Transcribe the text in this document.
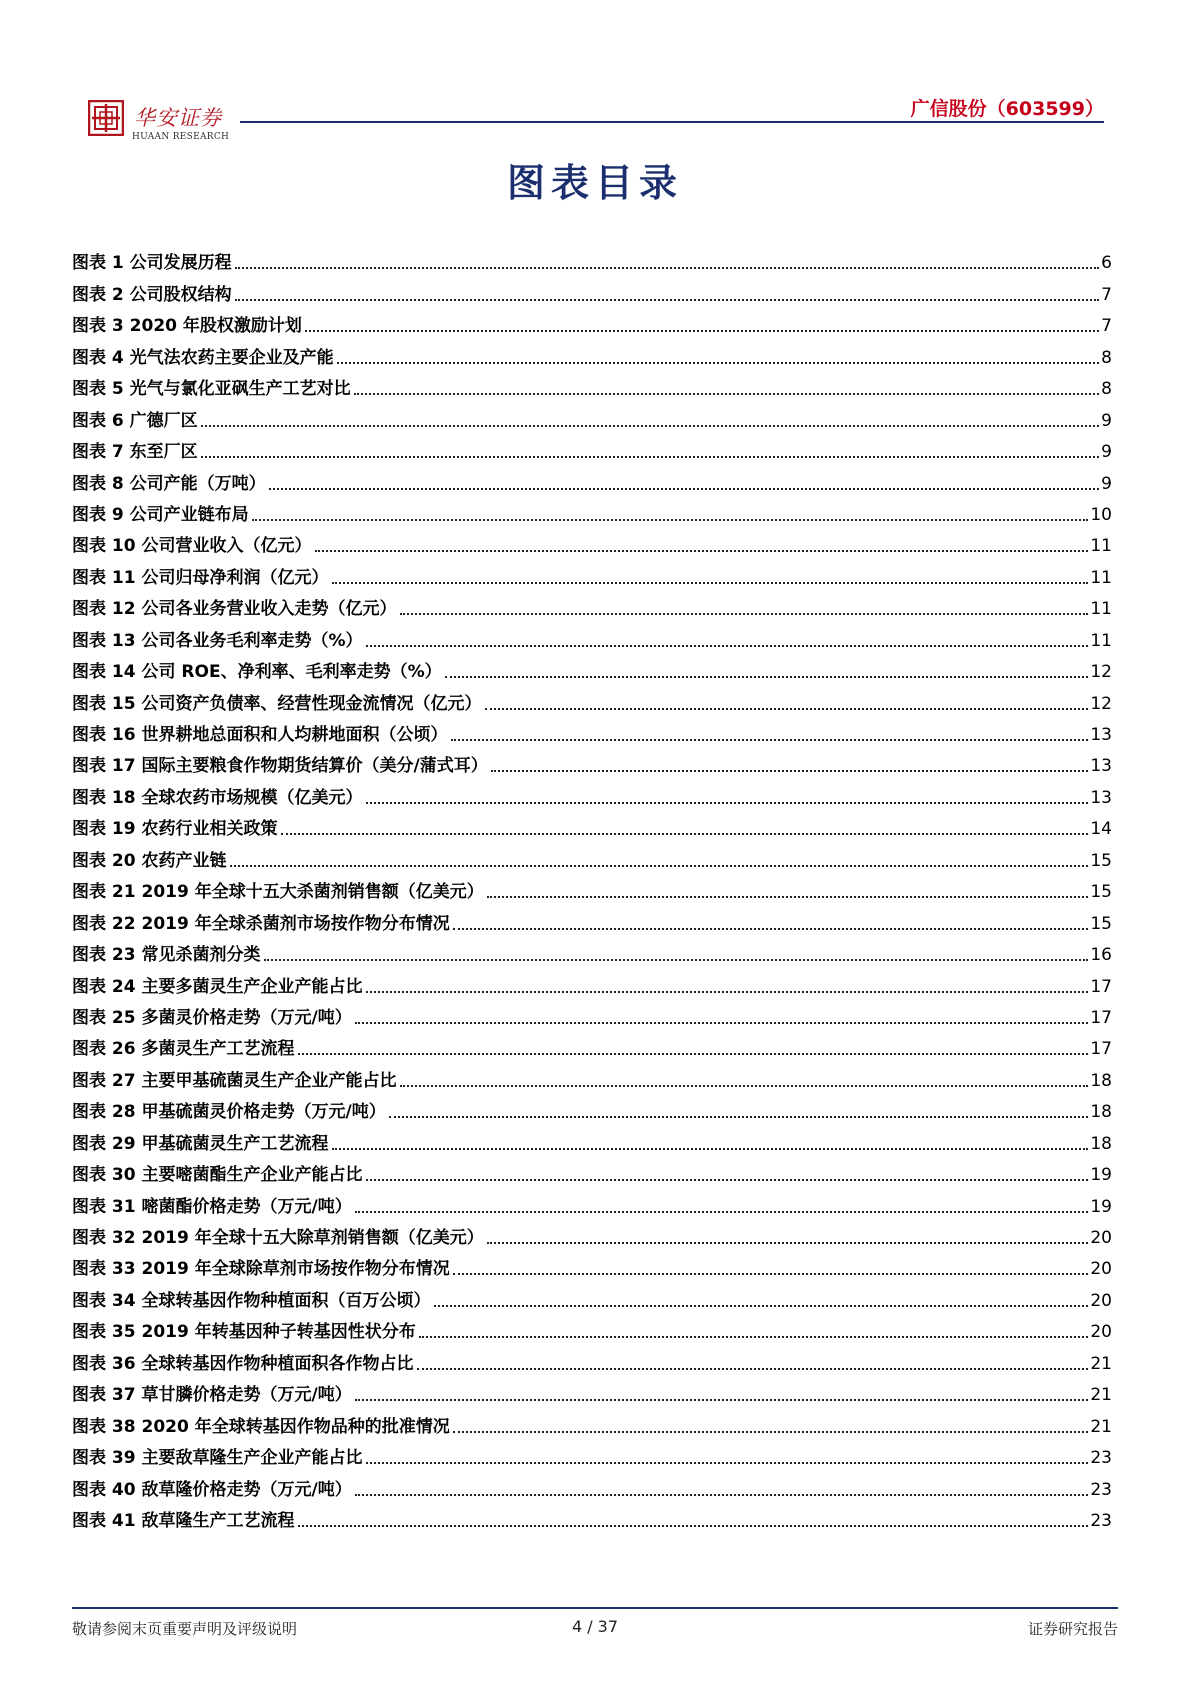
华安证券
HUAAN RESEARCH
广信股份（603599）
图表目录
图表 1 公司发展历程	6
图表 2 公司股权结构	7
图表 3 2020 年股权激励计划	7
图表 4 光气法农药主要企业及产能	8
图表 5 光气与氯化亚砜生产工艺对比	8
图表 6 广德厂区	9
图表 7 东至厂区	9
图表 8 公司产能（万吨）	9
图表 9 公司产业链布局	10
图表 10 公司营业收入（亿元）	11
图表 11 公司归母净利润（亿元）	11
图表 12 公司各业务营业收入走势（亿元）	11
图表 13 公司各业务毛利率走势（%）	11
图表 14 公司 ROE、净利率、毛利率走势（%）	12
图表 15 公司资产负债率、经营性现金流情况（亿元）	12
图表 16 世界耕地总面积和人均耕地面积（公顷）	13
图表 17 国际主要粮食作物期货结算价（美分/蒲式耳）	13
图表 18 全球农药市场规模（亿美元）	13
图表 19 农药行业相关政策	14
图表 20 农药产业链	15
图表 21 2019 年全球十五大杀菌剂销售额（亿美元）	15
图表 22 2019 年全球杀菌剂市场按作物分布情况	15
图表 23 常见杀菌剂分类	16
图表 24 主要多菌灵生产企业产能占比	17
图表 25 多菌灵价格走势（万元/吨）	17
图表 26 多菌灵生产工艺流程	17
图表 27 主要甲基硫菌灵生产企业产能占比	18
图表 28 甲基硫菌灵价格走势（万元/吨）	18
图表 29 甲基硫菌灵生产工艺流程	18
图表 30 主要嘧菌酯生产企业产能占比	19
图表 31 嘧菌酯价格走势（万元/吨）	19
图表 32 2019 年全球十五大除草剂销售额（亿美元）	20
图表 33 2019 年全球除草剂市场按作物分布情况	20
图表 34 全球转基因作物种植面积（百万公顷）	20
图表 35 2019 年转基因种子转基因性状分布	20
图表 36 全球转基因作物种植面积各作物占比	21
图表 37 草甘膦价格走势（万元/吨）	21
图表 38 2020 年全球转基因作物品种的批准情况	21
图表 39 主要敌草隆生产企业产能占比	23
图表 40 敌草隆价格走势（万元/吨）	23
图表 41 敌草隆生产工艺流程	23
敬请参阅末页重要声明及评级说明	4 / 37	证券研究报告
